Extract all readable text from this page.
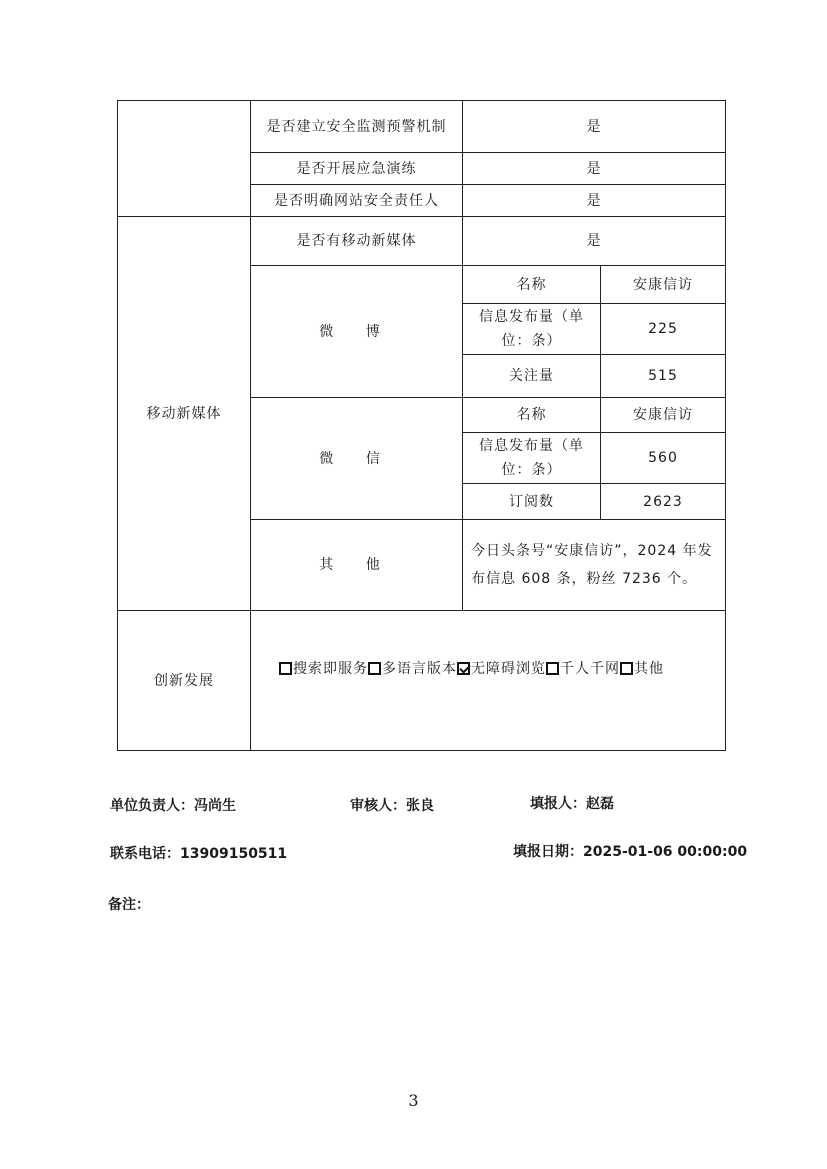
	是否建立安全监测预警机制	是	
	是否开展应急演练	是	
	是否明确网站安全责任人	是	
移动新媒体	是否有移动新媒体	是	
	微 博	名称	安康信访
		信息发布量（单位：条）	225
		关注量	515
	微 信	名称	安康信访
		信息发布量（单位：条）	560
		订阅数	2623
	其 他	今日头条号“安康信访”，2024 年发布信息 608 条，粉丝 7236 个。	
创新发展	搜索即服务 多语言版本 无障碍浏览 千人千网 其他		
单位负责人：冯尚生	审核人：张良	填报人：赵磊
联系电话：13909150511	填报日期：2025-01-06 00:00:00
备注：
3
